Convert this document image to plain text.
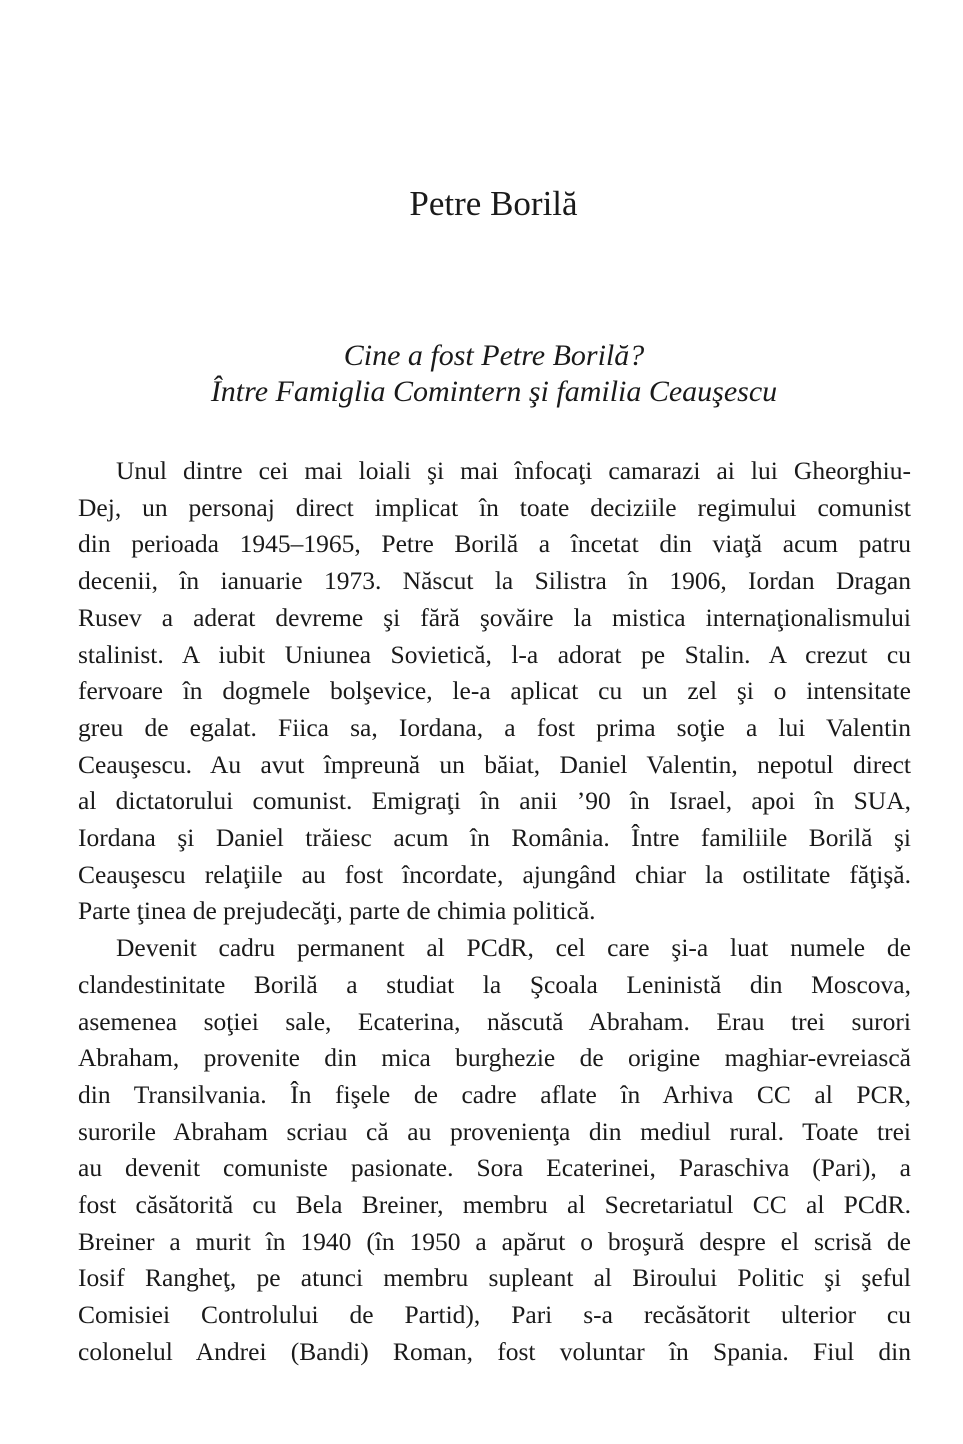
Petre Borilă
Cine a fost Petre Borilă?
Între Famiglia Comintern şi familia Ceauşescu
Unul dintre cei mai loiali şi mai înfocaţi camarazi ai lui Gheorghiu-
Dej, un personaj direct implicat în toate deciziile regimului comunist
din perioada 1945–1965, Petre Borilă a încetat din viaţă acum patru
decenii, în ianuarie 1973. Născut la Silistra în 1906, Iordan Dragan
Rusev a aderat devreme şi fără şovăire la mistica internaţionalismului
stalinist. A iubit Uniunea Sovietică, l-a adorat pe Stalin. A crezut cu
fervoare în dogmele bolşevice, le-a aplicat cu un zel şi o intensitate
greu de egalat. Fiica sa, Iordana, a fost prima soţie a lui Valentin
Ceauşescu. Au avut împreună un băiat, Daniel Valentin, nepotul direct
al dictatorului comunist. Emigraţi în anii ’90 în Israel, apoi în SUA,
Iordana şi Daniel trăiesc acum în România. Între familiile Borilă şi
Ceauşescu relaţiile au fost încordate, ajungând chiar la ostilitate făţişă.
Parte ţinea de prejudecăţi, parte de chimia politică.
Devenit cadru permanent al PCdR, cel care şi-a luat numele de
clandestinitate Borilă a studiat la Şcoala Leninistă din Moscova,
asemenea soţiei sale, Ecaterina, născută Abraham. Erau trei surori
Abraham, provenite din mica burghezie de origine maghiar-evreiască
din Transilvania. În fişele de cadre aflate în Arhiva CC al PCR,
surorile Abraham scriau că au provenienţa din mediul rural. Toate trei
au devenit comuniste pasionate. Sora Ecaterinei, Paraschiva (Pari), a
fost căsătorită cu Bela Breiner, membru al Secretariatul CC al PCdR.
Breiner a murit în 1940 (în 1950 a apărut o broşură despre el scrisă de
Iosif Rangheţ, pe atunci membru supleant al Biroului Politic şi şeful
Comisiei Controlului de Partid), Pari s-a recăsătorit ulterior cu
colonelul Andrei (Bandi) Roman, fost voluntar în Spania. Fiul din
